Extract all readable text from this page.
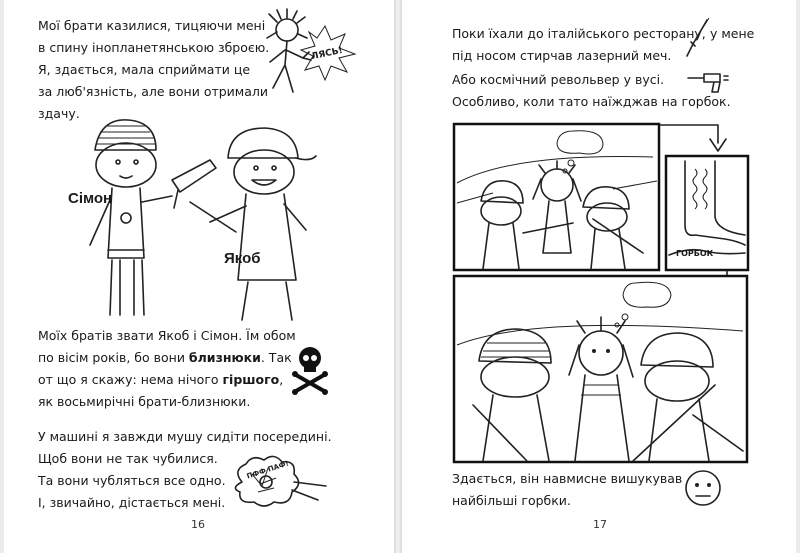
Мої брати казилися, тицяючи мені
в спину інопланетянською зброєю.
Я, здається, мала сприймати це
за люб'язність, але вони отримали
здачу.
ЛЯСЬ!
Сімон
Якоб
Моїх братів звати Якоб і Сімон. Їм обом
по вісім років, бо вони близнюки. Так
от що я скажу: нема нічого гіршого,
як восьмирічні брати-близнюки.
У машині я завжди мушу сидіти посередині.
Щоб вони не так чубилися.
Та вони чубляться все одно.
І, звичайно, дістається мені.
ПФФ ПАФ!
16
Поки їхали до італійського ресторану,
під носом стирчав лазерний меч.
у мене
Або космічний револьвер у вусі.
Особливо, коли тато наїжджав на горбок.
ГОРБОК
Здається, він навмисне вишукував
найбільші горбки.
17
